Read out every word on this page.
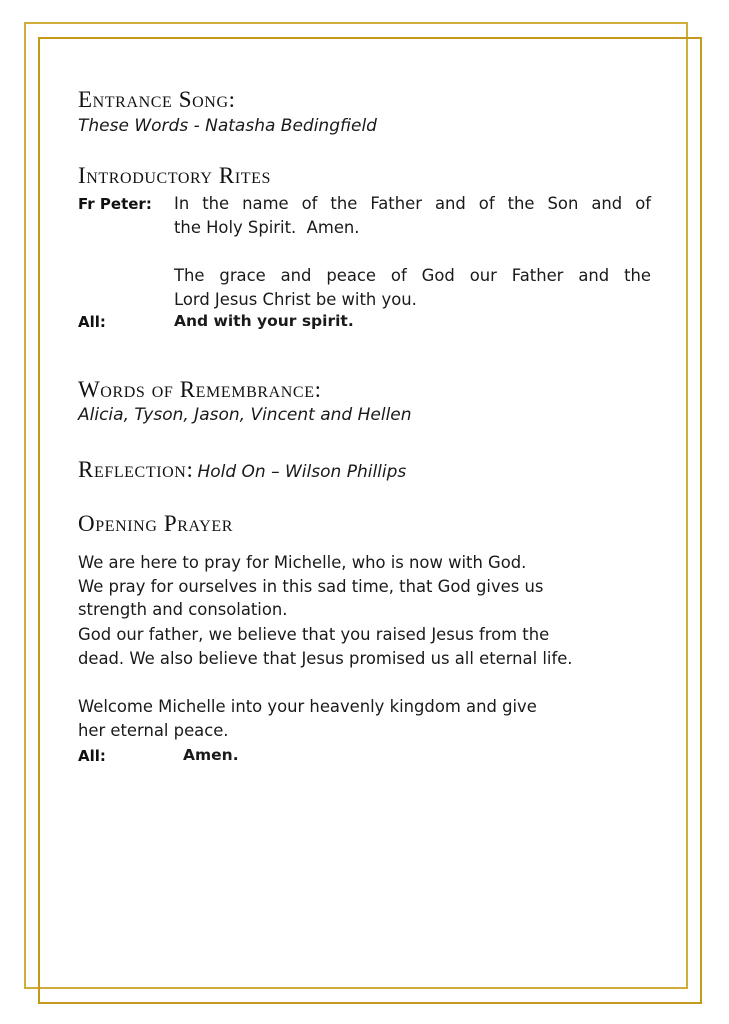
Entrance Song:
These Words - Natasha Bedingfield
Introductory Rites
Fr Peter: In the name of the Father and of the Son and of
the Holy Spirit.  Amen.
The grace and peace of God our Father and the
Lord Jesus Christ be with you.
All:	And with your spirit.
Words of Remembrance:
Alicia, Tyson, Jason, Vincent and Hellen
Reflection: Hold On – Wilson Phillips
Opening Prayer
We are here to pray for Michelle, who is now with God.
We pray for ourselves in this sad time, that God gives us
strength and consolation.
God our father, we believe that you raised Jesus from the
dead. We also believe that Jesus promised us all eternal life.
Welcome Michelle into your heavenly kingdom and give
her eternal peace.
All:	Amen.
